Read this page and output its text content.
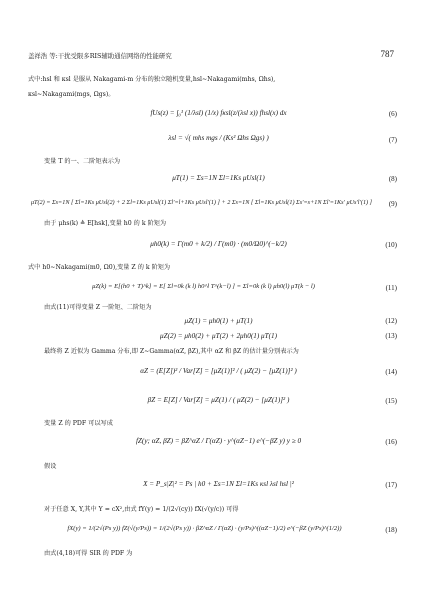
盖祥浩 等:干扰受限多RIS辅助通信网络的性能研究	787
式中:hsl 和 κsl 是服从 Nakagami-m 分布的独立随机变量,hsl~Nakagami(mhs, Ωhs),
κsl~Nakagami(mgs, Ωgs)。
fUs(z) = ∫₀¹ (1/λsl) (1/x) fκsl(z/(λsl x)) fhsl(x) dx	(6)
λsl = √( mhs mgs / (Ks² Ωhs Ωgs) )	(7)
变量 T 的一、二阶矩表示为
μT(1) = Σs=1N Σl=1Ks μUsl(1)	(8)
μT(2) = Σs=1N [ Σl=1Ks μUsl(2) + 2 Σl=1Ks μUsl(1) Σl′=l+1Ks μUsl′(1) ] + 2 Σs=1N [ Σl=1Ks μUsl(1) Σs′=s+1N Σl′=1Ks′ μUs′l′(1) ]	(9)
由于 μhs(k) ≜ E[hsk],变量 h0 的 k 阶矩为
μh0(k) = Γ(m0 + k/2) / Γ(m0) · (m0/Ω0)^(−k/2)	(10)
式中 h0~Nakagami(m0, Ω0),变量 Z 的 k 阶矩为
μZ(k) = E[(h0 + T)^k] = E[ Σl=0k (k l) h0^l T^(k−l) ] = Σl=0k (k l) μh0(l) μT(k − l)	(11)
由式(11)可得变量 Z 一阶矩、二阶矩为
μZ(1) = μh0(1) + μT(1)	(12)
μZ(2) = μh0(2) + μT(2) + 2μh0(1) μT(1)	(13)
最终将 Z 近似为 Gamma 分布,即 Z~Gamma(αZ, βZ),其中 αZ 和 βZ 的估计量分别表示为
αZ = (E[Z])² / Var[Z] = [μZ(1)]² / ( μZ(2) − [μZ(1)]² )	(14)
βZ = E[Z] / Var[Z] = μZ(1) / ( μZ(2) − [μZ(1)]² )	(15)
变量 Z 的 PDF 可以写成
fZ(y; αZ, βZ) = βZ^αZ / Γ(αZ) · y^(αZ−1) e^(−βZ y) y ≥ 0	(16)
假设
X = P_s|Z|² = Ps | h0 + Σs=1N Σl=1Ks κsl λsl hsl |²	(17)
对于任意 X, Y,其中 Y = cX²,由式 fY(y) = 1/(2√(cy)) fX(√(y/c)) 可得
fX(y) = 1/(2√(Ps y)) fZ(√(y/Ps)) = 1/(2√(Ps y)) · βZ^αZ / Γ(αZ) · (y/Ps)^((αZ−1)/2) e^(−βZ (y/Ps)^(1/2))	(18)
由式(4,18)可得 SIR 的 PDF 为
